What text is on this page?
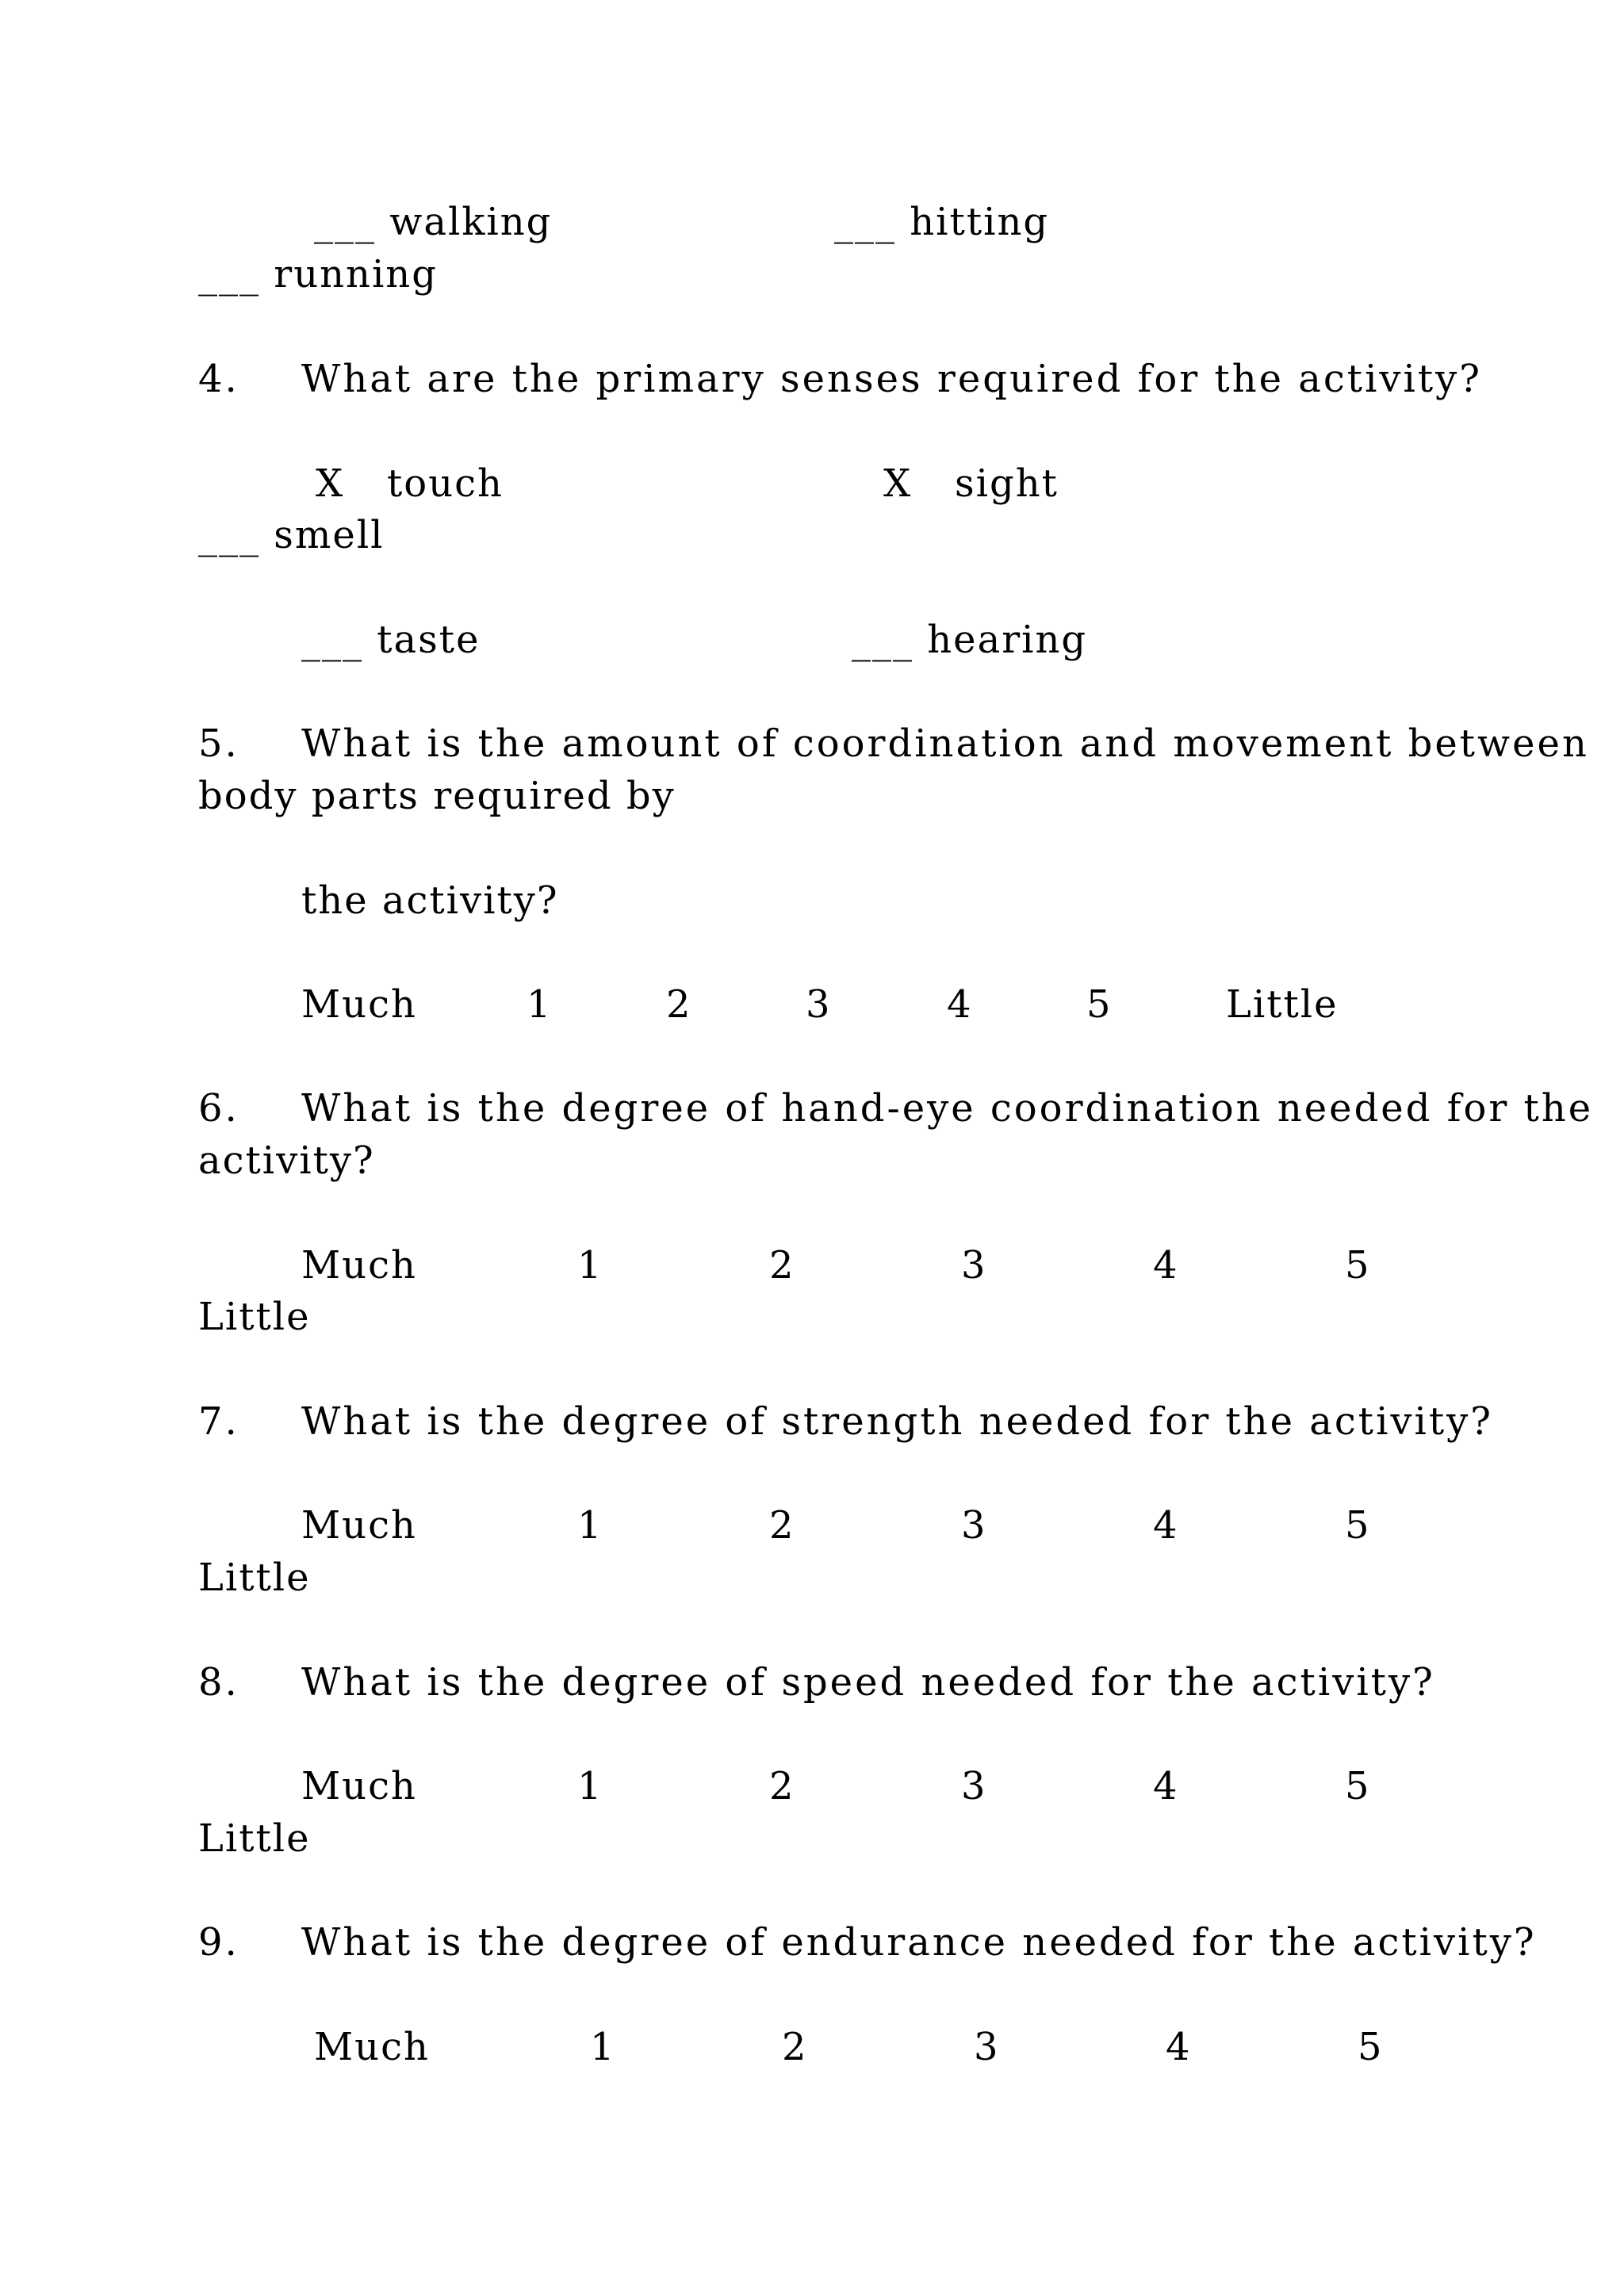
___ walking	___ hitting
___ running
4. What are the primary senses required for the activity?
X touch	X sight
___ smell
___ taste	___ hearing
5. What is the amount of coordination and movement between
body parts required by
the activity?
Much	1	2	3	4	5	Little
6. What is the degree of hand-eye coordination needed for the
activity?
Much	1	2	3	4	5
Little
7. What is the degree of strength needed for the activity?
Much	1	2	3	4	5
Little
8. What is the degree of speed needed for the activity?
Much	1	2	3	4	5
Little
9. What is the degree of endurance needed for the activity?
Much	1	2	3	4	5
